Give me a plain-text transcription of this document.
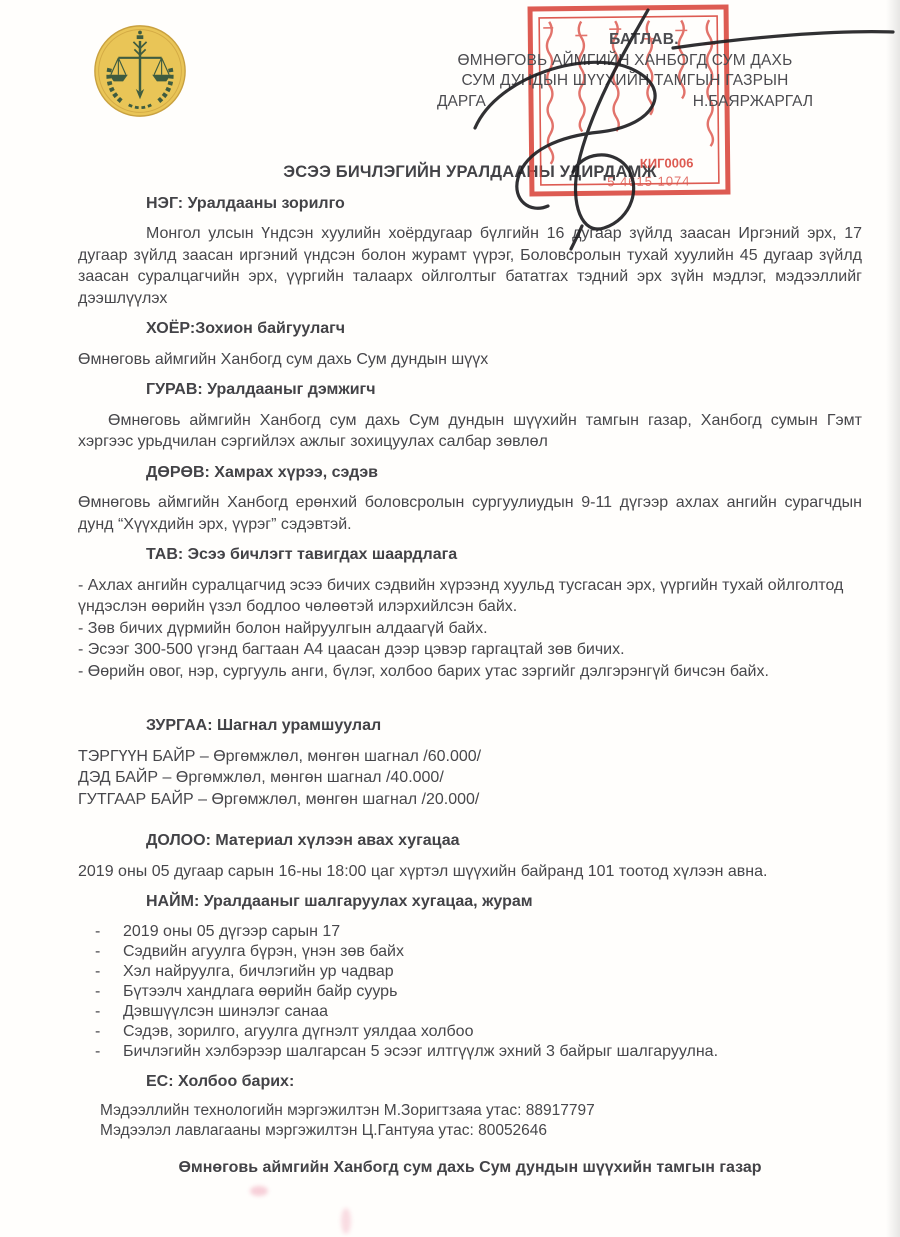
КИГ0006
5 4615 1074
БАТЛАВ.
ӨМНӨГОВЬ АЙМГИЙН ХАНБОГД СУМ ДАХЬ
СУМ ДУНДЫН ШҮҮХИЙН ТАМГЫН ГАЗРЫН
ДАРГА	Н.БАЯРЖАРГАЛ
ЭСЭЭ БИЧЛЭГИЙН УРАЛДААНЫ УДИРДАМЖ
НЭГ: Уралдааны зорилго
Монгол улсын Үндсэн хуулийн хоёрдугаар бүлгийн 16 дугаар зүйлд заасан Иргэний эрх, 17 дугаар зүйлд заасан иргэний үндсэн болон журамт үүрэг, Боловсролын тухай хуулийн 45 дугаар зүйлд заасан суралцагчийн эрх, үүргийн талаарх ойлголтыг бататгах тэдний эрх зүйн мэдлэг, мэдээллийг дээшлүүлэх
ХОЁР:Зохион байгуулагч
Өмнөговь аймгийн Ханбогд сум дахь Сум дундын шүүх
ГУРАВ: Уралдааныг дэмжигч
Өмнөговь аймгийн Ханбогд сум дахь Сум дундын шүүхийн тамгын газар, Ханбогд сумын Гэмт хэргээс урьдчилан сэргийлэх ажлыг зохицуулах салбар зөвлөл
ДӨРӨВ: Хамрах хүрээ, сэдэв
Өмнөговь аймгийн Ханбогд ерөнхий боловсролын сургуулиудын 9-11 дүгээр ахлах ангийн сурагчдын дунд “Хүүхдийн эрх, үүрэг” сэдэвтэй.
ТАВ: Эсээ бичлэгт тавигдах шаардлага
- Ахлах ангийн суралцагчид эсээ бичих сэдвийн хүрээнд хуульд тусгасан эрх, үүргийн тухай ойлголтод үндэслэн өөрийн үзэл бодлоо чөлөөтэй илэрхийлсэн байх.
- Зөв бичих дүрмийн болон найруулгын алдаагүй байх.
- Эсээг 300-500 үгэнд багтаан А4 цаасан дээр цэвэр гаргацтай зөв бичих.
- Өөрийн овог, нэр, сургууль анги, бүлэг, холбоо барих утас зэргийг дэлгэрэнгүй бичсэн байх.
ЗУРГАА: Шагнал урамшуулал
ТЭРГҮҮН БАЙР – Өргөмжлөл, мөнгөн шагнал /60.000/
ДЭД БАЙР – Өргөмжлөл, мөнгөн шагнал /40.000/
ГУТГААР БАЙР – Өргөмжлөл, мөнгөн шагнал /20.000/
ДОЛОО: Материал хүлээн авах хугацаа
2019 оны 05 дугаар сарын 16-ны 18:00 цаг хүртэл шүүхийн байранд 101 тоотод хүлээн авна.
НАЙМ: Уралдааныг шалгаруулах хугацаа, журам
-	2019 оны 05 дүгээр сарын 17
-	Сэдвийн агуулга бүрэн, үнэн зөв байх
-	Хэл найруулга, бичлэгийн ур чадвар
-	Бүтээлч хандлага өөрийн байр суурь
-	Дэвшүүлсэн шинэлэг санаа
-	Сэдэв, зорилго, агуулга дүгнэлт уялдаа холбоо
-	Бичлэгийн хэлбэрээр шалгарсан 5 эсээг илтгүүлж эхний 3 байрыг шалгаруулна.
ЕС: Холбоо барих:
Мэдээллийн технологийн мэргэжилтэн М.Зоригтзаяа утас: 88917797
Мэдээлэл лавлагааны мэргэжилтэн Ц.Гантуяа утас: 80052646
Өмнөговь аймгийн Ханбогд сум дахь Сум дундын шүүхийн тамгын газар
